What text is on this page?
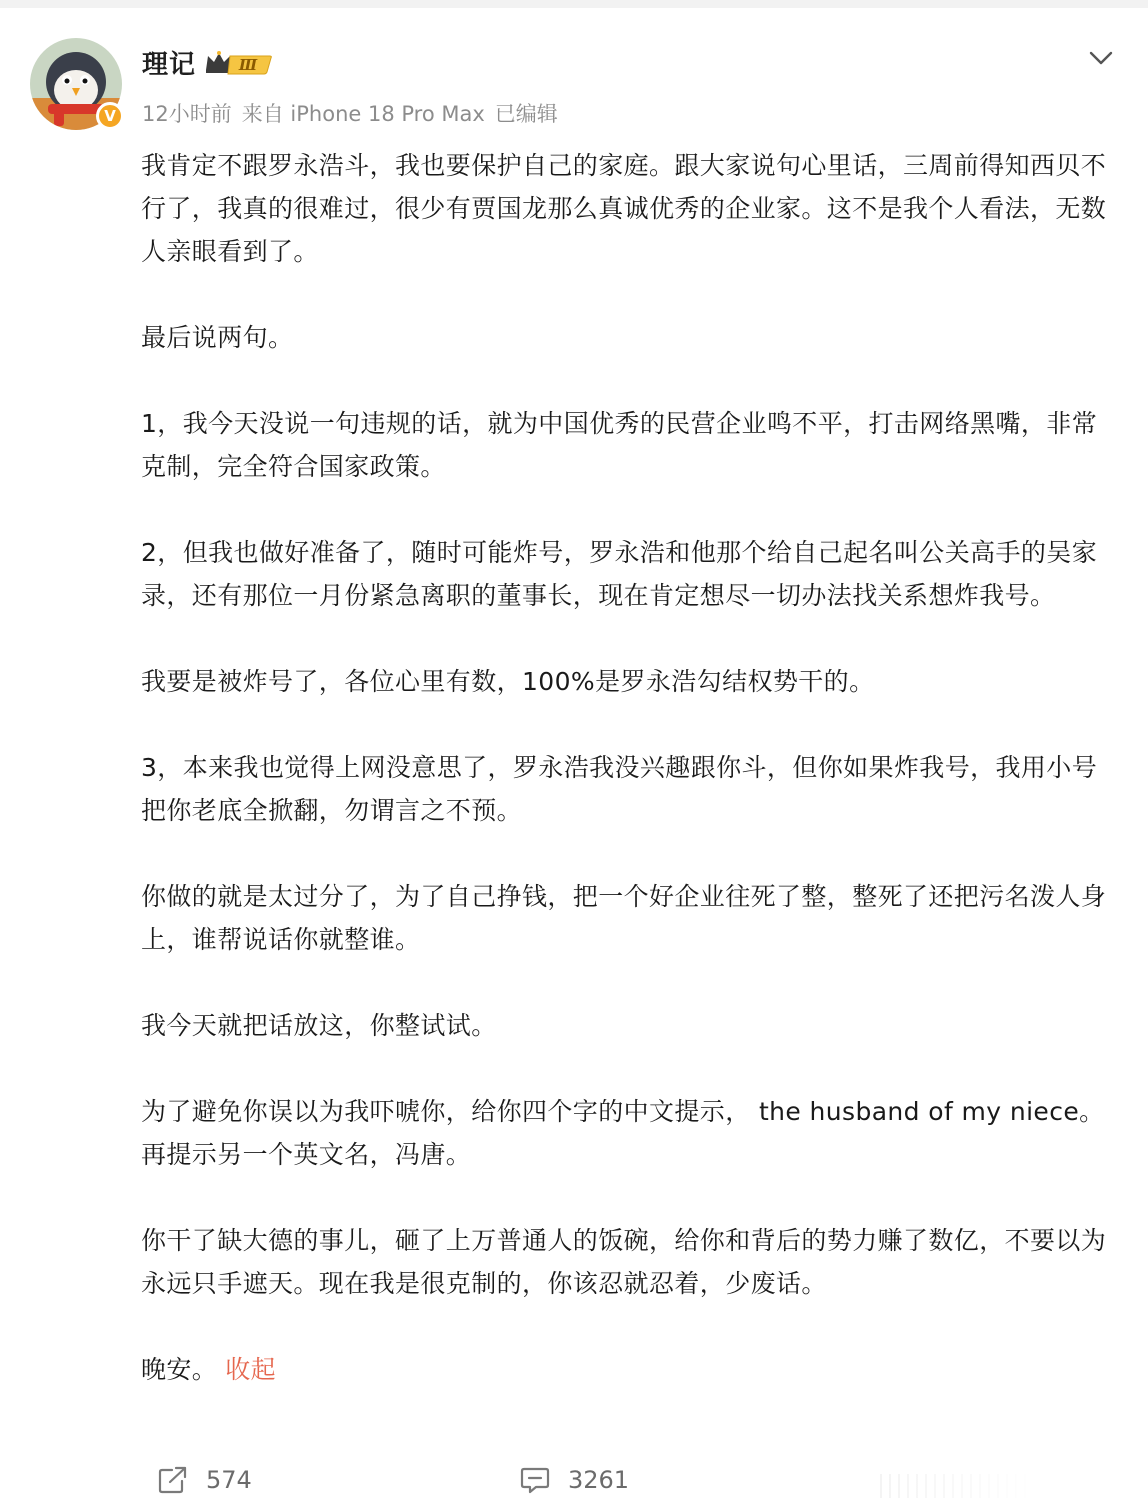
V
理记	Ⅲ
12小时前 来自 iPhone 18 Pro Max 已编辑

我肯定不跟罗永浩斗，我也要保护自己的家庭。跟大家说句心里话，三周前得知西贝不行了，我真的很难过，很少有贾国龙那么真诚优秀的企业家。这不是我个人看法，无数人亲眼看到了。

最后说两句。

1，我今天没说一句违规的话，就为中国优秀的民营企业鸣不平，打击网络黑嘴，非常克制，完全符合国家政策。

2，但我也做好准备了，随时可能炸号，罗永浩和他那个给自己起名叫公关高手的吴家录，还有那位一月份紧急离职的董事长，现在肯定想尽一切办法找关系想炸我号。

我要是被炸号了，各位心里有数，100%是罗永浩勾结权势干的。

3，本来我也觉得上网没意思了，罗永浩我没兴趣跟你斗，但你如果炸我号，我用小号把你老底全掀翻，勿谓言之不预。

你做的就是太过分了，为了自己挣钱，把一个好企业往死了整，整死了还把污名泼人身上，谁帮说话你就整谁。

我今天就把话放这，你整试试。

为了避免你误以为我吓唬你，给你四个字的中文提示， the husband of my niece。再提示另一个英文名，冯唐。

你干了缺大德的事儿，砸了上万普通人的饭碗，给你和背后的势力赚了数亿，不要以为永远只手遮天。现在我是很克制的，你该忍就忍着，少废话。

晚安。 收起

574	3261
